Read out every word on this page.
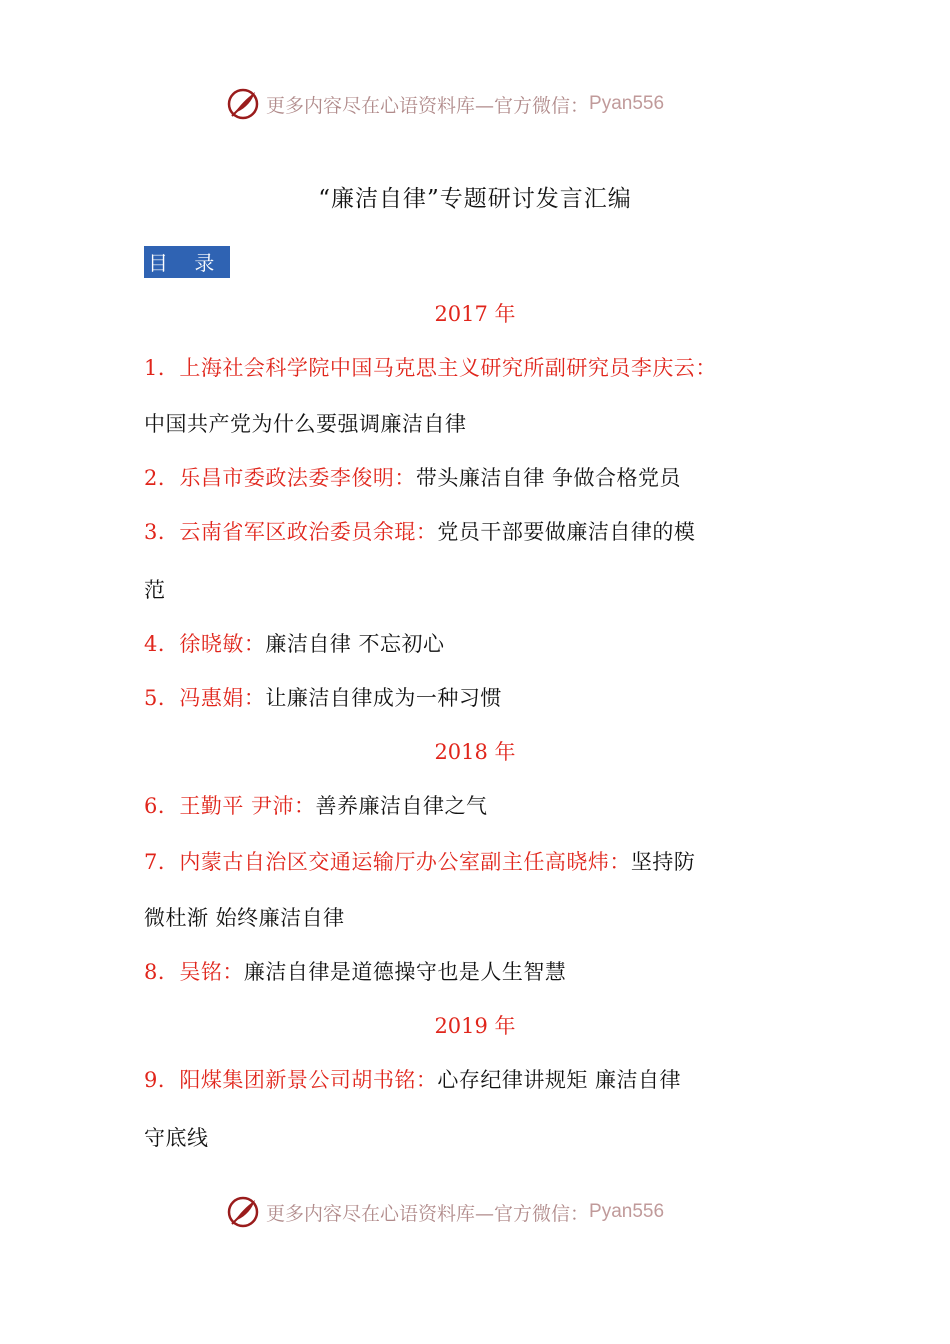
更多内容尽在心语资料库—官方微信： Pyan556
“廉洁自律”专题研讨发言汇编
目 录
2017 年
1．上海社会科学院中国马克思主义研究所副研究员李庆云：
中国共产党为什么要强调廉洁自律
2．乐昌市委政法委李俊明：带头廉洁自律 争做合格党员
3．云南省军区政治委员余琨：党员干部要做廉洁自律的模
范
4．徐晓敏：廉洁自律 不忘初心
5．冯惠娟：让廉洁自律成为一种习惯
2018 年
6．王勤平 尹沛：善养廉洁自律之气
7．内蒙古自治区交通运输厅办公室副主任高晓炜：坚持防
微杜渐 始终廉洁自律
8．吴铭：廉洁自律是道德操守也是人生智慧
2019 年
9．阳煤集团新景公司胡书铭：心存纪律讲规矩 廉洁自律
守底线
更多内容尽在心语资料库—官方微信： Pyan556
